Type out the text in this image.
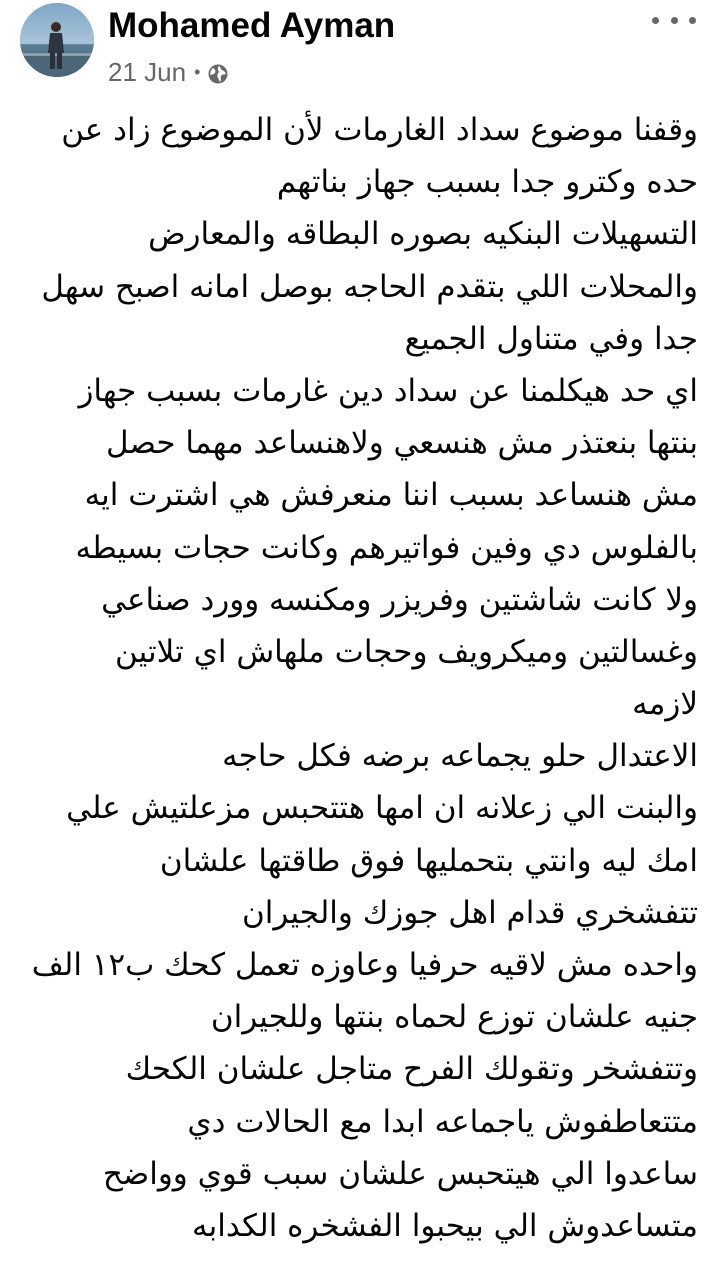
Mohamed Ayman
21 Jun •
وقفنا موضوع سداد الغارمات لأن الموضوع زاد عن
حده وكترو جدا بسبب جهاز بناتهم
التسهيلات البنكيه بصوره البطاقه والمعارض
والمحلات اللي بتقدم الحاجه بوصل امانه اصبح سهل
جدا وفي متناول الجميع
اي حد هيكلمنا عن سداد دين غارمات بسبب جهاز
بنتها بنعتذر مش هنسعي ولاهنساعد مهما حصل
مش هنساعد بسبب اننا منعرفش هي اشترت ايه
بالفلوس دي وفين فواتيرهم وكانت حجات بسيطه
ولا كانت شاشتين وفريزر ومكنسه وورد صناعي
وغسالتين وميكرويف وحجات ملهاش اي تلاتين
لازمه
الاعتدال حلو يجماعه برضه فكل حاجه
والبنت الي زعلانه ان امها هتتحبس مزعلتيش علي
امك ليه وانتي بتحمليها فوق طاقتها علشان
تتفشخري قدام اهل جوزك والجيران
واحده مش لاقيه حرفيا وعاوزه تعمل كحك ب١٢ الف
جنيه علشان توزع لحماه بنتها وللجيران
وتتفشخر وتقولك الفرح متاجل علشان الكحك
متتعاطفوش ياجماعه ابدا مع الحالات دي
ساعدوا الي هيتحبس علشان سبب قوي وواضح
متساعدوش الي بيحبوا الفشخره الكدابه
